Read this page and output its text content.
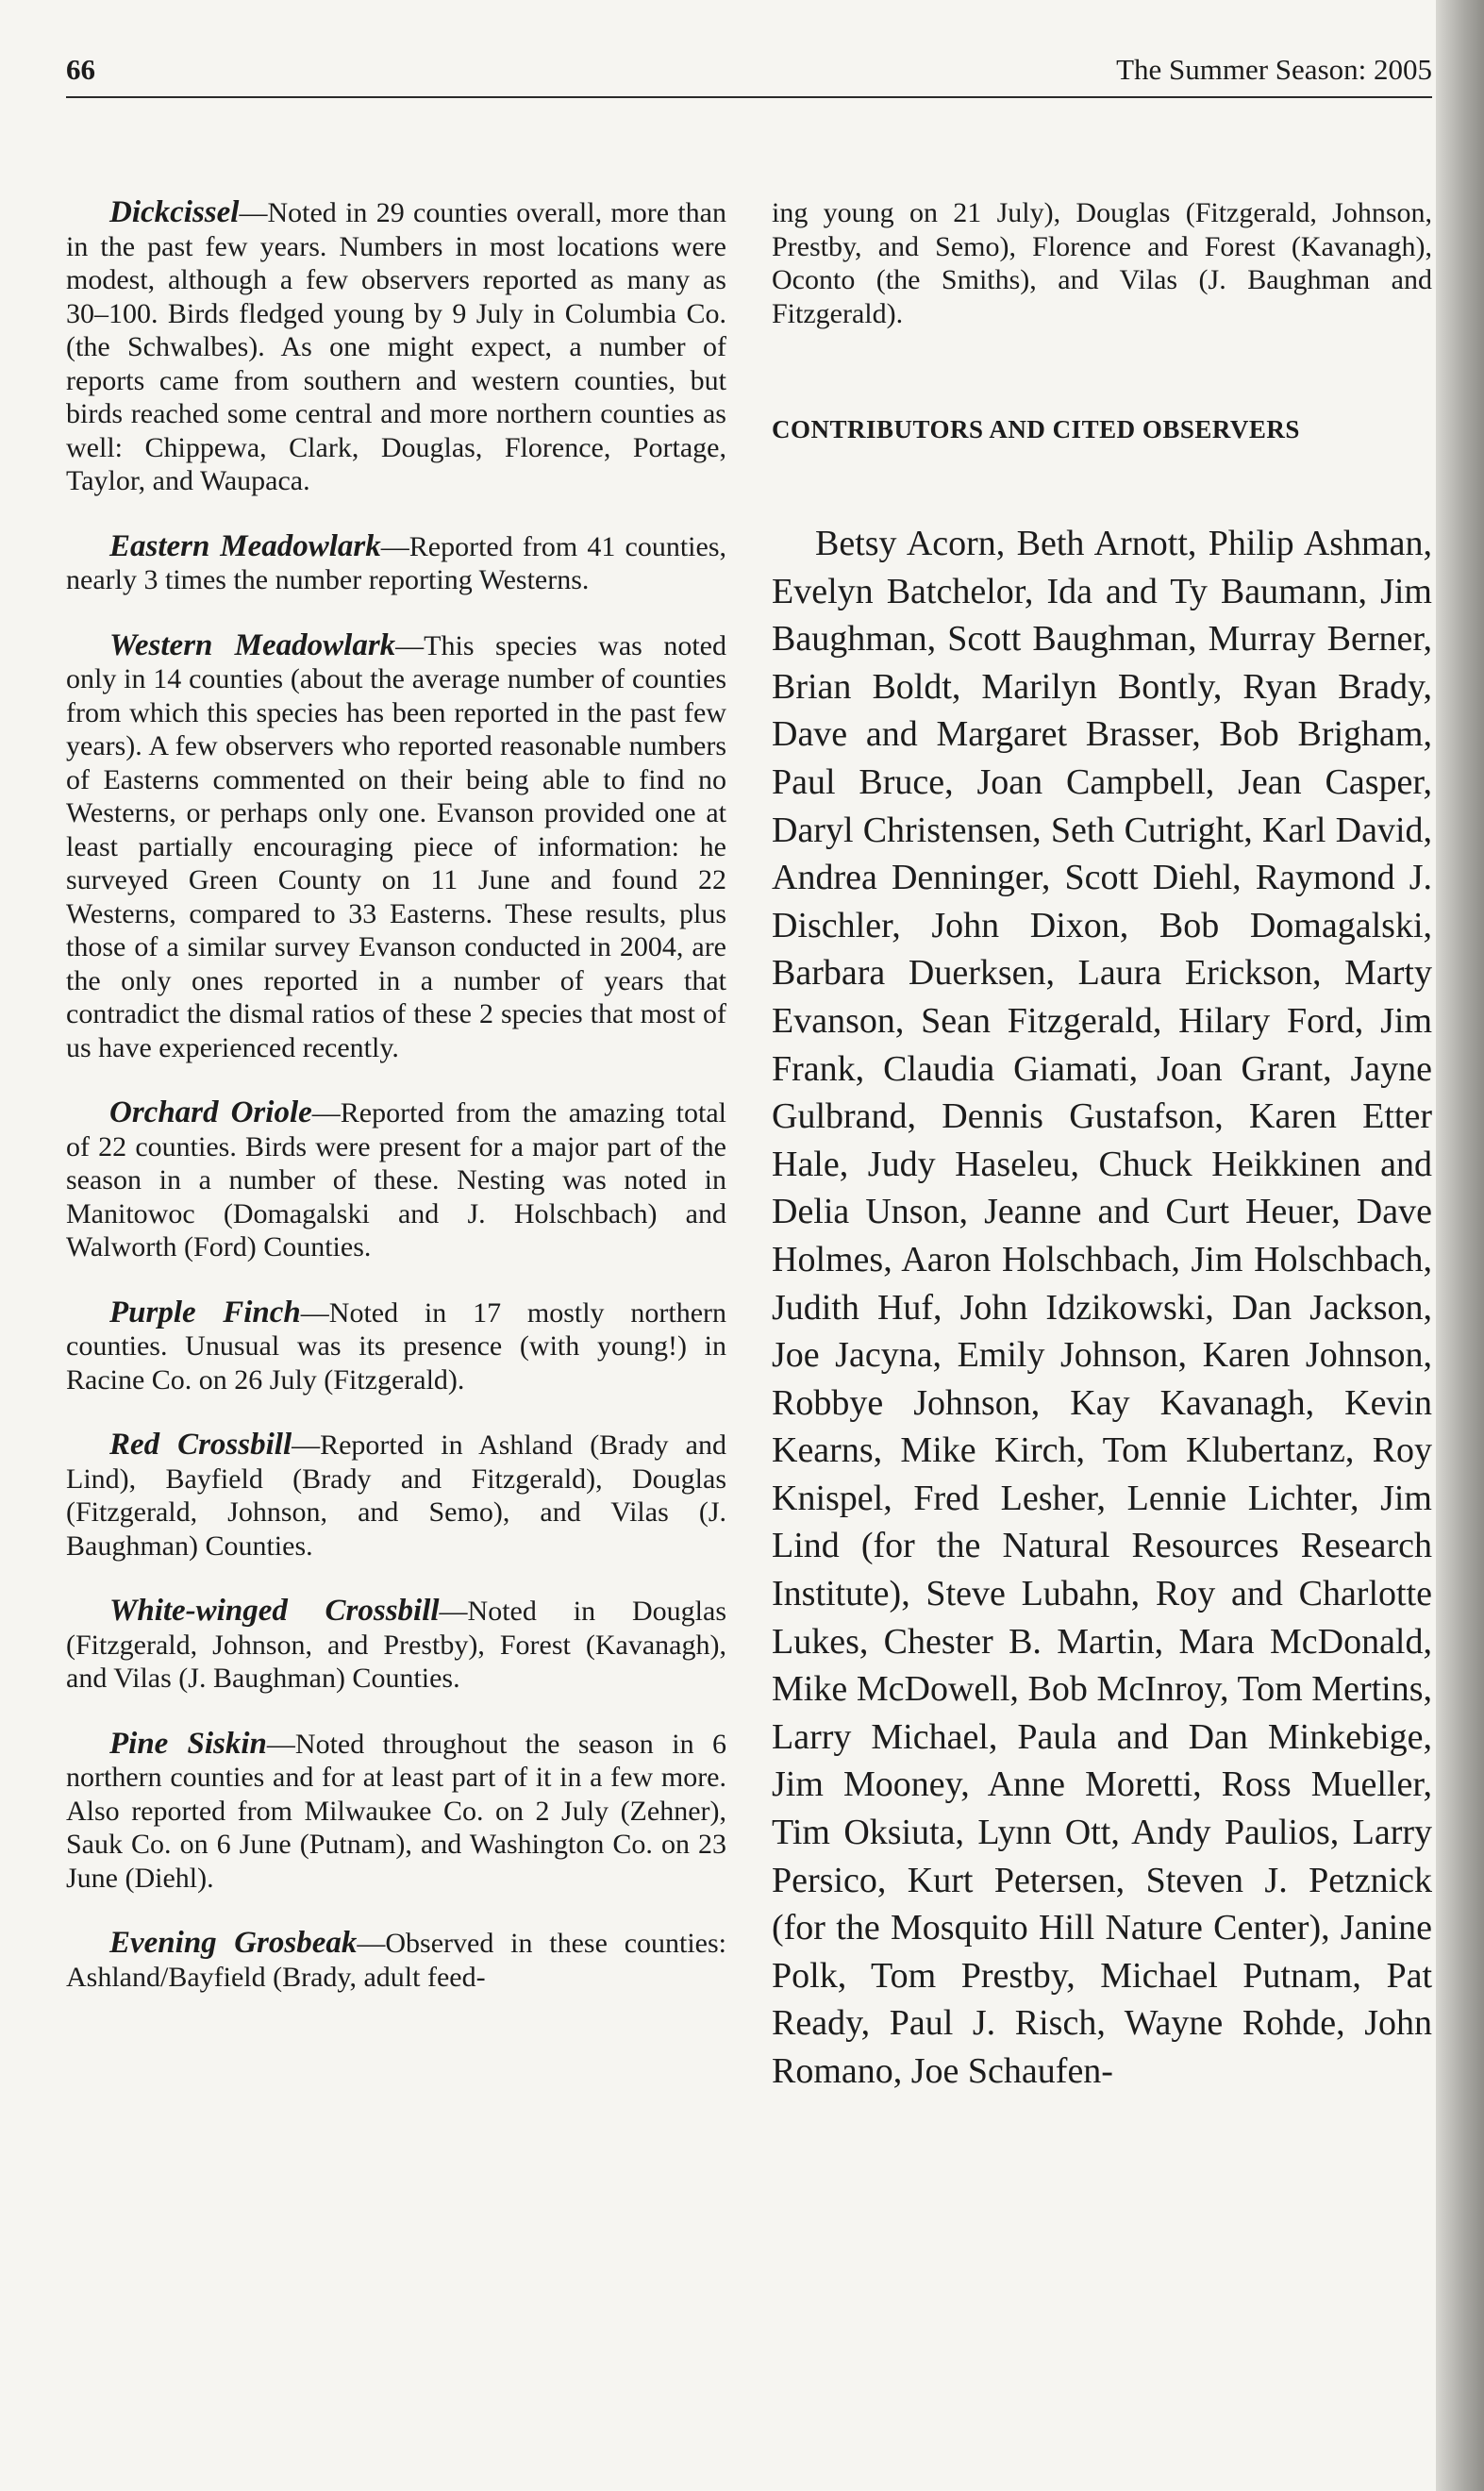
66	The Summer Season: 2005

Dickcissel—Noted in 29 counties overall, more than in the past few years. Numbers in most locations were modest, although a few observers reported as many as 30–100. Birds fledged young by 9 July in Columbia Co. (the Schwalbes). As one might expect, a number of reports came from southern and western counties, but birds reached some central and more northern counties as well: Chippewa, Clark, Douglas, Florence, Portage, Taylor, and Waupaca.

Eastern Meadowlark—Reported from 41 counties, nearly 3 times the number reporting Westerns.

Western Meadowlark—This species was noted only in 14 counties (about the average number of counties from which this species has been reported in the past few years). A few observers who reported reasonable numbers of Easterns commented on their being able to find no Westerns, or perhaps only one. Evanson provided one at least partially encouraging piece of information: he surveyed Green County on 11 June and found 22 Westerns, compared to 33 Easterns. These results, plus those of a similar survey Evanson conducted in 2004, are the only ones reported in a number of years that contradict the dismal ratios of these 2 species that most of us have experienced recently.

Orchard Oriole—Reported from the amazing total of 22 counties. Birds were present for a major part of the season in a number of these. Nesting was noted in Manitowoc (Domagalski and J. Holschbach) and Walworth (Ford) Counties.

Purple Finch—Noted in 17 mostly northern counties. Unusual was its presence (with young!) in Racine Co. on 26 July (Fitzgerald).

Red Crossbill—Reported in Ashland (Brady and Lind), Bayfield (Brady and Fitzgerald), Douglas (Fitzgerald, Johnson, and Semo), and Vilas (J. Baughman) Counties.

White-winged Crossbill—Noted in Douglas (Fitzgerald, Johnson, and Prestby), Forest (Kavanagh), and Vilas (J. Baughman) Counties.

Pine Siskin—Noted throughout the season in 6 northern counties and for at least part of it in a few more. Also reported from Milwaukee Co. on 2 July (Zehner), Sauk Co. on 6 June (Putnam), and Washington Co. on 23 June (Diehl).

Evening Grosbeak—Observed in these counties: Ashland/Bayfield (Brady, adult feed-

ing young on 21 July), Douglas (Fitzgerald, Johnson, Prestby, and Semo), Florence and Forest (Kavanagh), Oconto (the Smiths), and Vilas (J. Baughman and Fitzgerald).

CONTRIBUTORS AND CITED OBSERVERS

Betsy Acorn, Beth Arnott, Philip Ashman, Evelyn Batchelor, Ida and Ty Baumann, Jim Baughman, Scott Baughman, Murray Berner, Brian Boldt, Marilyn Bontly, Ryan Brady, Dave and Margaret Brasser, Bob Brigham, Paul Bruce, Joan Campbell, Jean Casper, Daryl Christensen, Seth Cutright, Karl David, Andrea Denninger, Scott Diehl, Raymond J. Dischler, John Dixon, Bob Domagalski, Barbara Duerksen, Laura Erickson, Marty Evanson, Sean Fitzgerald, Hilary Ford, Jim Frank, Claudia Giamati, Joan Grant, Jayne Gulbrand, Dennis Gustafson, Karen Etter Hale, Judy Haseleu, Chuck Heikkinen and Delia Unson, Jeanne and Curt Heuer, Dave Holmes, Aaron Holschbach, Jim Holschbach, Judith Huf, John Idzikowski, Dan Jackson, Joe Jacyna, Emily Johnson, Karen Johnson, Robbye Johnson, Kay Kavanagh, Kevin Kearns, Mike Kirch, Tom Klubertanz, Roy Knispel, Fred Lesher, Lennie Lichter, Jim Lind (for the Natural Resources Research Institute), Steve Lubahn, Roy and Charlotte Lukes, Chester B. Martin, Mara McDonald, Mike McDowell, Bob McInroy, Tom Mertins, Larry Michael, Paula and Dan Minkebige, Jim Mooney, Anne Moretti, Ross Mueller, Tim Oksiuta, Lynn Ott, Andy Paulios, Larry Persico, Kurt Petersen, Steven J. Petznick (for the Mosquito Hill Nature Center), Janine Polk, Tom Prestby, Michael Putnam, Pat Ready, Paul J. Risch, Wayne Rohde, John Romano, Joe Schaufen-
